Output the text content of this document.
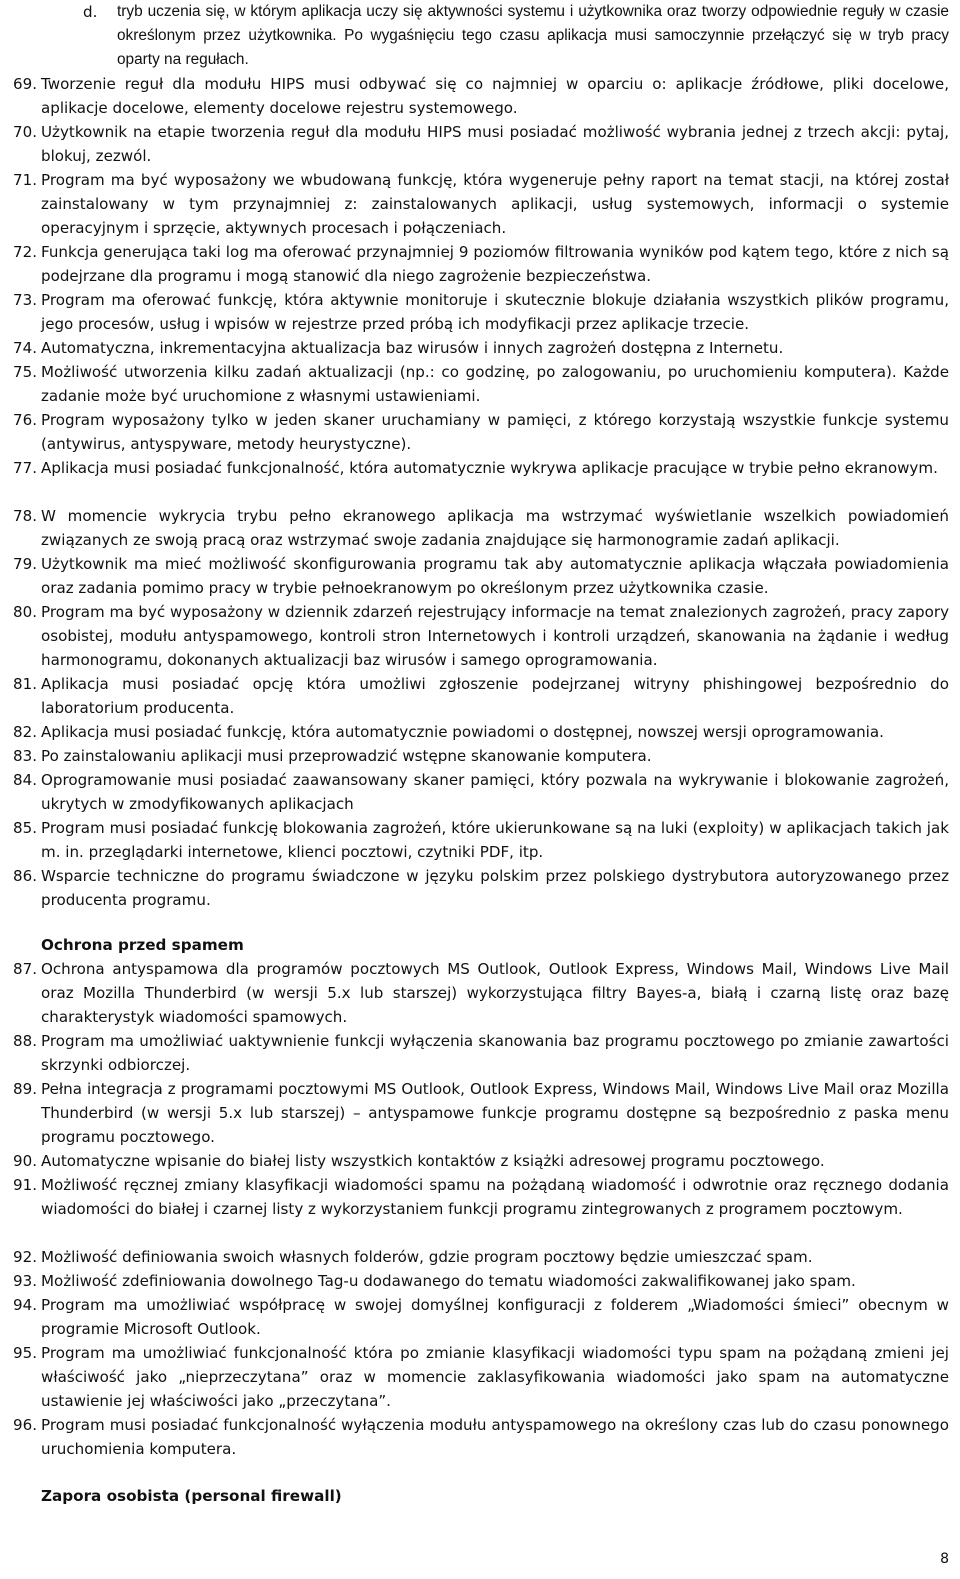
d.	tryb uczenia się, w którym aplikacja uczy się aktywności systemu i użytkownika oraz tworzy odpowiednie reguły w czasie określonym przez użytkownika. Po wygaśnięciu tego czasu aplikacja musi samoczynnie przełączyć się w tryb pracy oparty na regułach.
69. Tworzenie reguł dla modułu HIPS musi odbywać się co najmniej w oparciu o: aplikacje źródłowe, pliki docelowe, aplikacje docelowe, elementy docelowe rejestru systemowego.
70. Użytkownik na etapie tworzenia reguł dla modułu HIPS musi posiadać możliwość wybrania jednej z trzech akcji: pytaj, blokuj, zezwól.
71. Program ma być wyposażony we wbudowaną funkcję, która wygeneruje pełny raport na temat stacji, na której został zainstalowany w tym przynajmniej z: zainstalowanych aplikacji, usług systemowych, informacji o systemie operacyjnym i sprzęcie, aktywnych procesach i połączeniach.
72. Funkcja generująca taki log ma oferować przynajmniej 9 poziomów filtrowania wyników pod kątem tego, które z nich są podejrzane dla programu i mogą stanowić dla niego zagrożenie bezpieczeństwa.
73. Program ma oferować funkcję, która aktywnie monitoruje i skutecznie blokuje działania wszystkich plików programu, jego procesów, usług i wpisów w rejestrze przed próbą ich modyfikacji przez aplikacje trzecie.
74. Automatyczna, inkrementacyjna aktualizacja baz wirusów i innych zagrożeń dostępna z Internetu.
75. Możliwość utworzenia kilku zadań aktualizacji (np.: co godzinę, po zalogowaniu, po uruchomieniu komputera). Każde zadanie może być uruchomione z własnymi ustawieniami.
76. Program wyposażony tylko w jeden skaner uruchamiany w pamięci, z którego korzystają wszystkie funkcje systemu (antywirus, antyspyware, metody heurystyczne).
77. Aplikacja musi posiadać funkcjonalność, która automatycznie wykrywa aplikacje pracujące w trybie pełno ekranowym.
78. W momencie wykrycia trybu pełno ekranowego aplikacja ma wstrzymać wyświetlanie wszelkich powiadomień związanych ze swoją pracą oraz wstrzymać swoje zadania znajdujące się harmonogramie zadań aplikacji.
79. Użytkownik ma mieć możliwość skonfigurowania programu tak aby automatycznie aplikacja włączała powiadomienia oraz zadania pomimo pracy w trybie pełnoekranowym po określonym przez użytkownika czasie.
80. Program ma być wyposażony w dziennik zdarzeń rejestrujący informacje na temat znalezionych zagrożeń, pracy zapory osobistej, modułu antyspamowego, kontroli stron Internetowych i kontroli urządzeń, skanowania na żądanie i według harmonogramu, dokonanych aktualizacji baz wirusów i samego oprogramowania.
81. Aplikacja musi posiadać opcję która umożliwi zgłoszenie podejrzanej witryny phishingowej bezpośrednio do laboratorium producenta.
82. Aplikacja musi posiadać funkcję, która automatycznie powiadomi o dostępnej, nowszej wersji oprogramowania.
83. Po zainstalowaniu aplikacji musi przeprowadzić wstępne skanowanie komputera.
84. Oprogramowanie musi posiadać zaawansowany skaner pamięci, który pozwala na wykrywanie i blokowanie zagrożeń, ukrytych w zmodyfikowanych aplikacjach
85. Program musi posiadać funkcję blokowania zagrożeń, które ukierunkowane są na luki (exploity) w aplikacjach takich jak m. in. przeglądarki internetowe, klienci pocztowi, czytniki PDF, itp.
86. Wsparcie techniczne do programu świadczone w języku polskim przez polskiego dystrybutora autoryzowanego przez producenta programu.
Ochrona przed spamem
87. Ochrona antyspamowa dla programów pocztowych MS Outlook, Outlook Express, Windows Mail, Windows Live Mail oraz Mozilla Thunderbird (w wersji 5.x lub starszej) wykorzystująca filtry Bayes-a, białą i czarną listę oraz bazę charakterystyk wiadomości spamowych.
88. Program ma umożliwiać uaktywnienie funkcji wyłączenia skanowania baz programu pocztowego po zmianie zawartości skrzynki odbiorczej.
89. Pełna integracja z programami pocztowymi MS Outlook, Outlook Express, Windows Mail, Windows Live Mail oraz Mozilla Thunderbird (w wersji 5.x lub starszej) – antyspamowe funkcje programu dostępne są bezpośrednio z paska menu programu pocztowego.
90. Automatyczne wpisanie do białej listy wszystkich kontaktów z książki adresowej programu pocztowego.
91. Możliwość ręcznej zmiany klasyfikacji wiadomości spamu na pożądaną wiadomość i odwrotnie oraz ręcznego dodania wiadomości do białej i czarnej listy z wykorzystaniem funkcji programu zintegrowanych z programem pocztowym.
92. Możliwość definiowania swoich własnych folderów, gdzie program pocztowy będzie umieszczać spam.
93. Możliwość zdefiniowania dowolnego Tag-u dodawanego do tematu wiadomości zakwalifikowanej jako spam.
94. Program ma umożliwiać współpracę w swojej domyślnej konfiguracji z folderem „Wiadomości śmieci” obecnym w programie Microsoft Outlook.
95. Program ma umożliwiać funkcjonalność która po zmianie klasyfikacji wiadomości typu spam na pożądaną zmieni jej właściwość jako „nieprzeczytana” oraz w momencie zaklasyfikowania wiadomości jako spam na automatyczne ustawienie jej właściwości jako „przeczytana”.
96. Program musi posiadać funkcjonalność wyłączenia modułu antyspamowego na określony czas lub do czasu ponownego uruchomienia komputera.
Zapora osobista (personal firewall)
8
